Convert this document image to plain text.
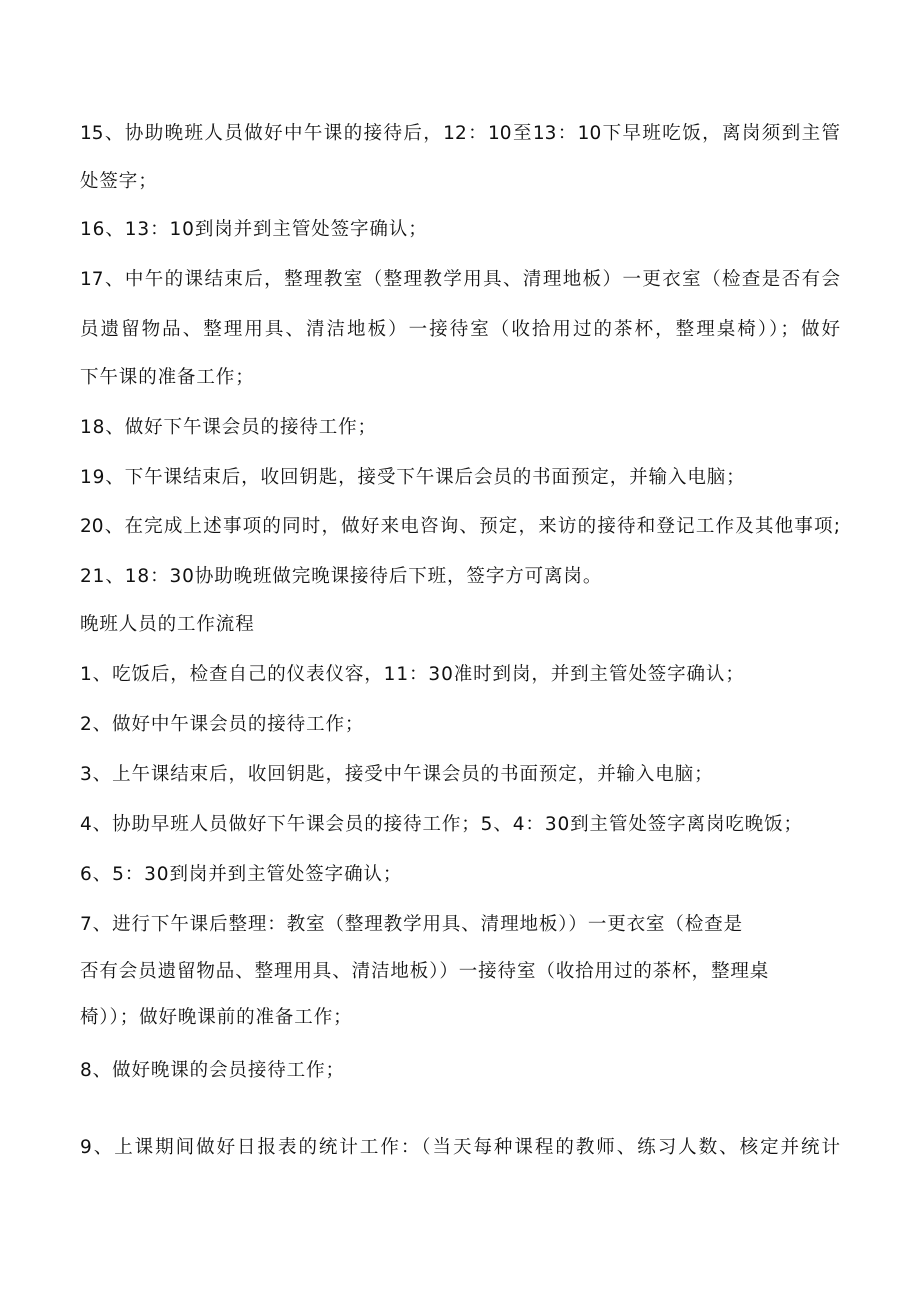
15、协助晚班人员做好中午课的接待后，12：10至13：10下早班吃饭，离岗须到主管
处签字；
16、13：10到岗并到主管处签字确认；
17、中午的课结束后，整理教室（整理教学用具、清理地板）一更衣室（检查是否有会
员遗留物品、整理用具、清洁地板）一接待室（收拾用过的茶杯，整理桌椅））；做好
下午课的准备工作；
18、做好下午课会员的接待工作；
19、下午课结束后，收回钥匙，接受下午课后会员的书面预定，并输入电脑；
20、在完成上述事项的同时，做好来电咨询、预定，来访的接待和登记工作及其他事项;
21、18：30协助晚班做完晚课接待后下班，签字方可离岗。
晚班人员的工作流程
1、吃饭后，检查自己的仪表仪容，11：30准时到岗，并到主管处签字确认；
2、做好中午课会员的接待工作；
3、上午课结束后，收回钥匙，接受中午课会员的书面预定，并输入电脑；
4、协助早班人员做好下午课会员的接待工作；5、4：30到主管处签字离岗吃晚饭；
6、5：30到岗并到主管处签字确认；
7、进行下午课后整理：教室（整理教学用具、清理地板））一更衣室（检查是
否有会员遗留物品、整理用具、清洁地板））一接待室（收拾用过的茶杯，整理桌
椅））；做好晚课前的准备工作；
8、做好晚课的会员接待工作；
9、上课期间做好日报表的统计工作：（当天每种课程的教师、练习人数、核定并统计
